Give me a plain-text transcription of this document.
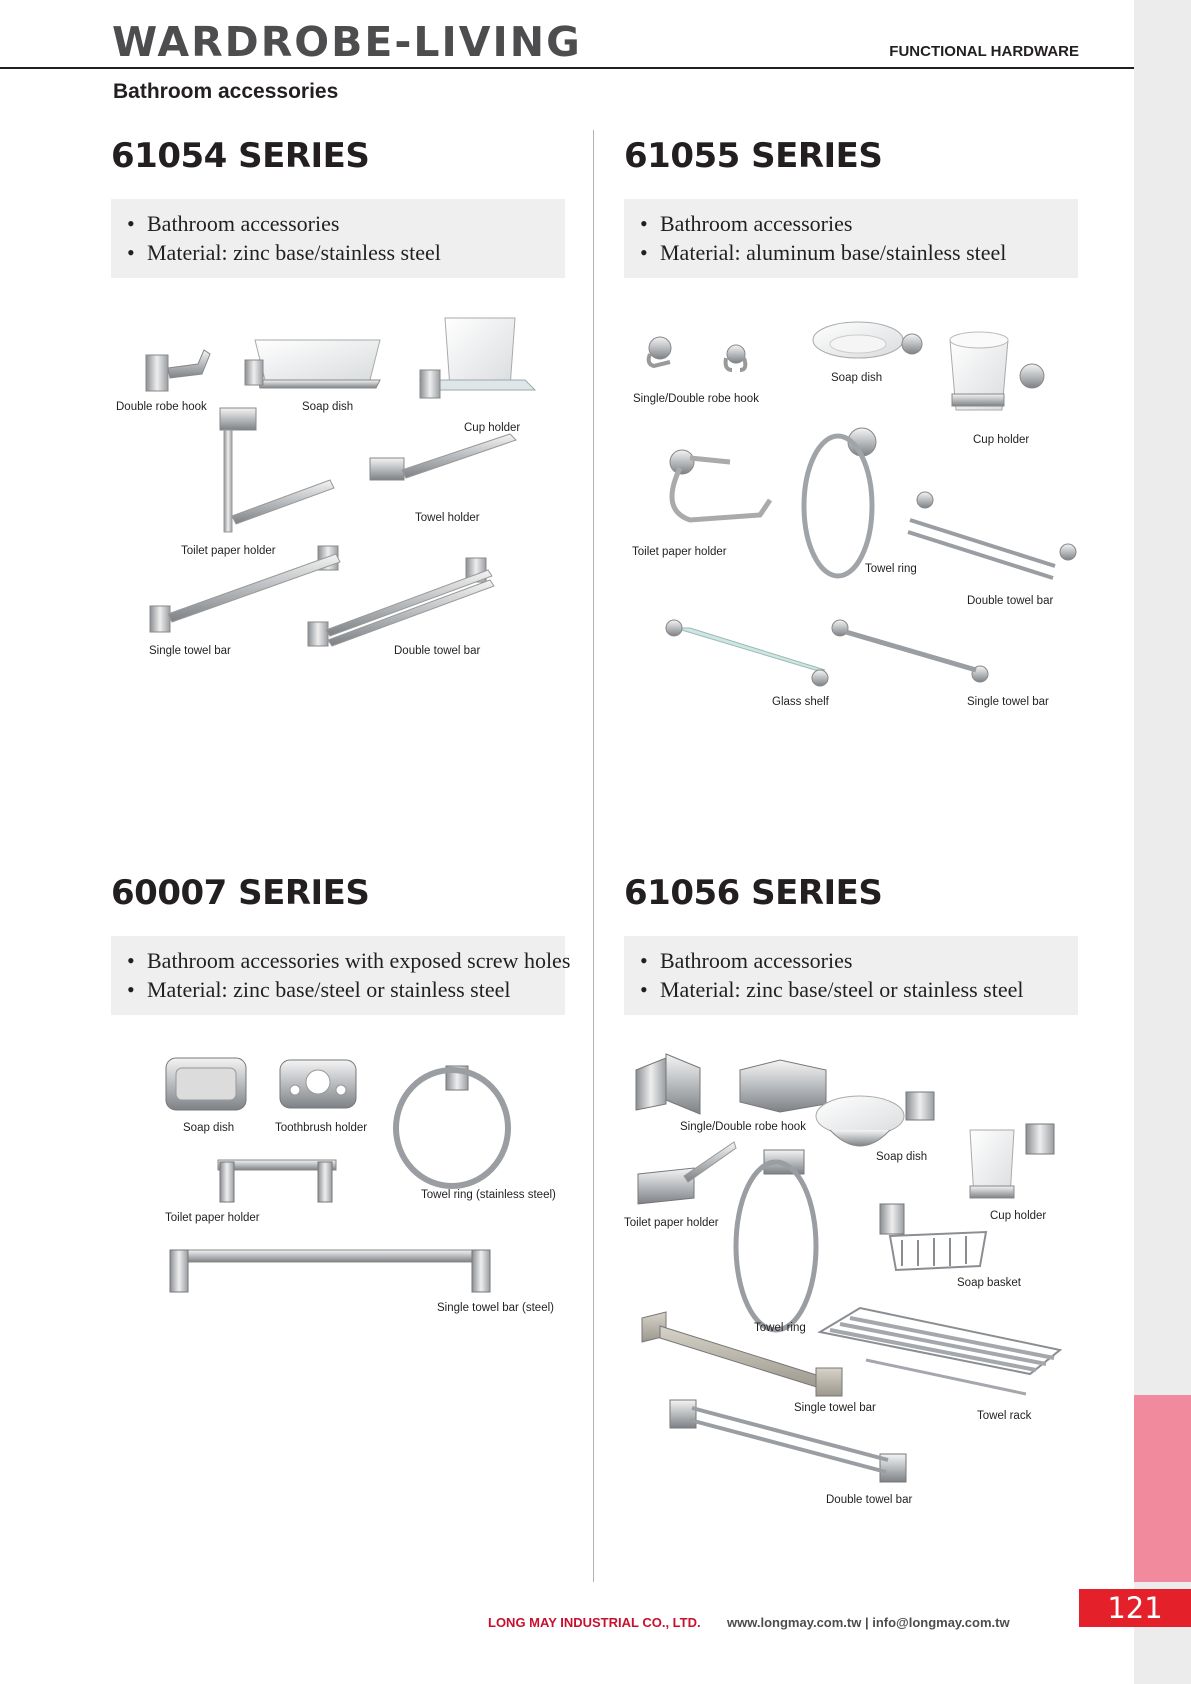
121
WARDROBE-LIVING	FUNCTIONAL HARDWARE
Bathroom accessories
61054 SERIES
• Bathroom accessories
• Material: zinc base/stainless steel
Double robe hook	Soap dish
Cup holder
Towel holder
Toilet paper holder
Single towel bar	Double towel bar
61055 SERIES
• Bathroom accessories
• Material: aluminum base/stainless steel
Soap dish
Single/Double robe hook
Cup holder
Toilet paper holder
Towel ring
Double towel bar
Glass shelf	Single towel bar
60007 SERIES
• Bathroom accessories with exposed screw holes
• Material: zinc base/steel or stainless steel
Soap dish	Toothbrush holder
Towel ring (stainless steel)
Toilet paper holder
Single towel bar (steel)
61056 SERIES
• Bathroom accessories
• Material: zinc base/steel or stainless steel
Single/Double robe hook
Soap dish
Toilet paper holder
Cup holder
Soap basket
Towel ring
Single towel bar
Towel rack
Double towel bar
LONG MAY INDUSTRIAL CO., LTD. www.longmay.com.tw | info@longmay.com.tw
